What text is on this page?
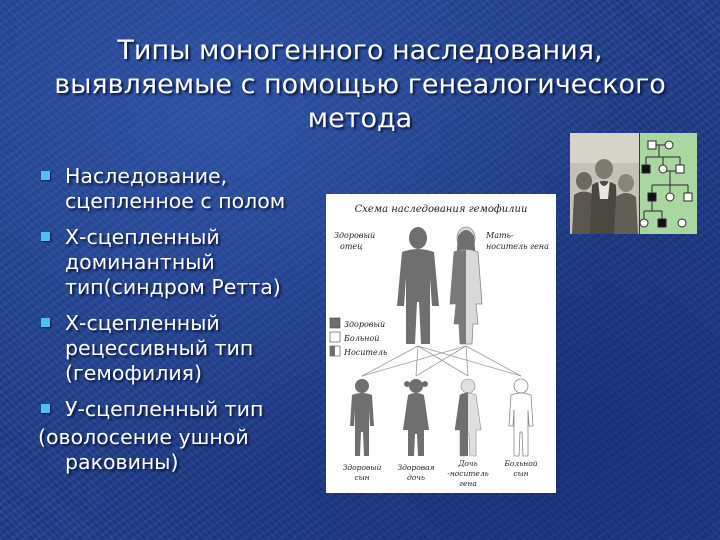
Типы моногенного наследования,
выявляемые с помощью генеалогического
метода
Наследование,
сцепленное с полом
Х-сцепленный
доминантный
тип(синдром Ретта)
Х-сцепленный
рецессивный тип
(гемофилия)
У-сцепленный тип
(оволосение ушной
раковины)
Схема наследования гемофилии
Здоровый
отец
Мать-
носитель гена
Здоровый
Больной
Носитель
Здоровый
сын
Здоровая
дочь
Дочь
-носитель
гена
Больной
сын
